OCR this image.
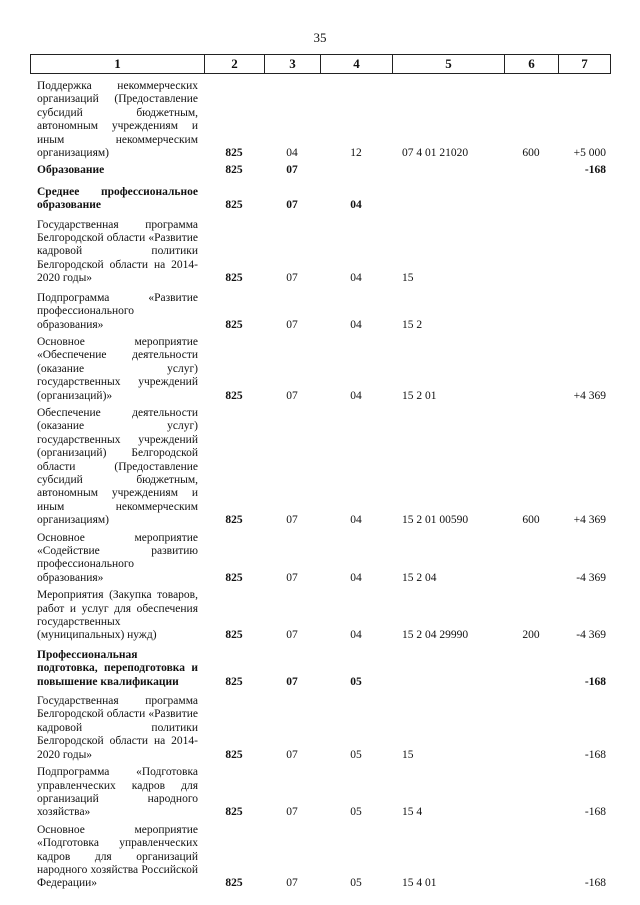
35
1	2	3	4	5	6	7
Поддержка некоммерческих организаций (Предоставление субсидий бюджетным, автономным учреждениям и иным некоммерческим организациям)	825	04	12	07 4 01 21020	600	+5 000
Образование	825	07				-168
Среднее профессиональное образование	825	07	04			
Государственная программа Белгородской области «Развитие кадровой политики Белгородской области на 2014-2020 годы»	825	07	04	15		
Подпрограмма «Развитие профессионального образования»	825	07	04	15 2		
Основное мероприятие «Обеспечение деятельности (оказание услуг) государственных учреждений (организаций)»	825	07	04	15 2 01		+4 369
Обеспечение деятельности (оказание услуг) государственных учреждений (организаций) Белгородской области (Предоставление субсидий бюджетным, автономным учреждениям и иным некоммерческим организациям)	825	07	04	15 2 01 00590	600	+4 369
Основное мероприятие «Содействие развитию профессионального образования»	825	07	04	15 2 04		-4 369
Мероприятия (Закупка товаров, работ и услуг для обеспечения государственных (муниципальных) нужд)	825	07	04	15 2 04 29990	200	-4 369
Профессиональная подготовка, переподготовка и повышение квалификации	825	07	05			-168
Государственная программа Белгородской области «Развитие кадровой политики Белгородской области на 2014-2020 годы»	825	07	05	15		-168
Подпрограмма «Подготовка управленческих кадров для организаций народного хозяйства»	825	07	05	15 4		-168
Основное мероприятие «Подготовка управленческих кадров для организаций народного хозяйства Российской Федерации»	825	07	05	15 4 01		-168
